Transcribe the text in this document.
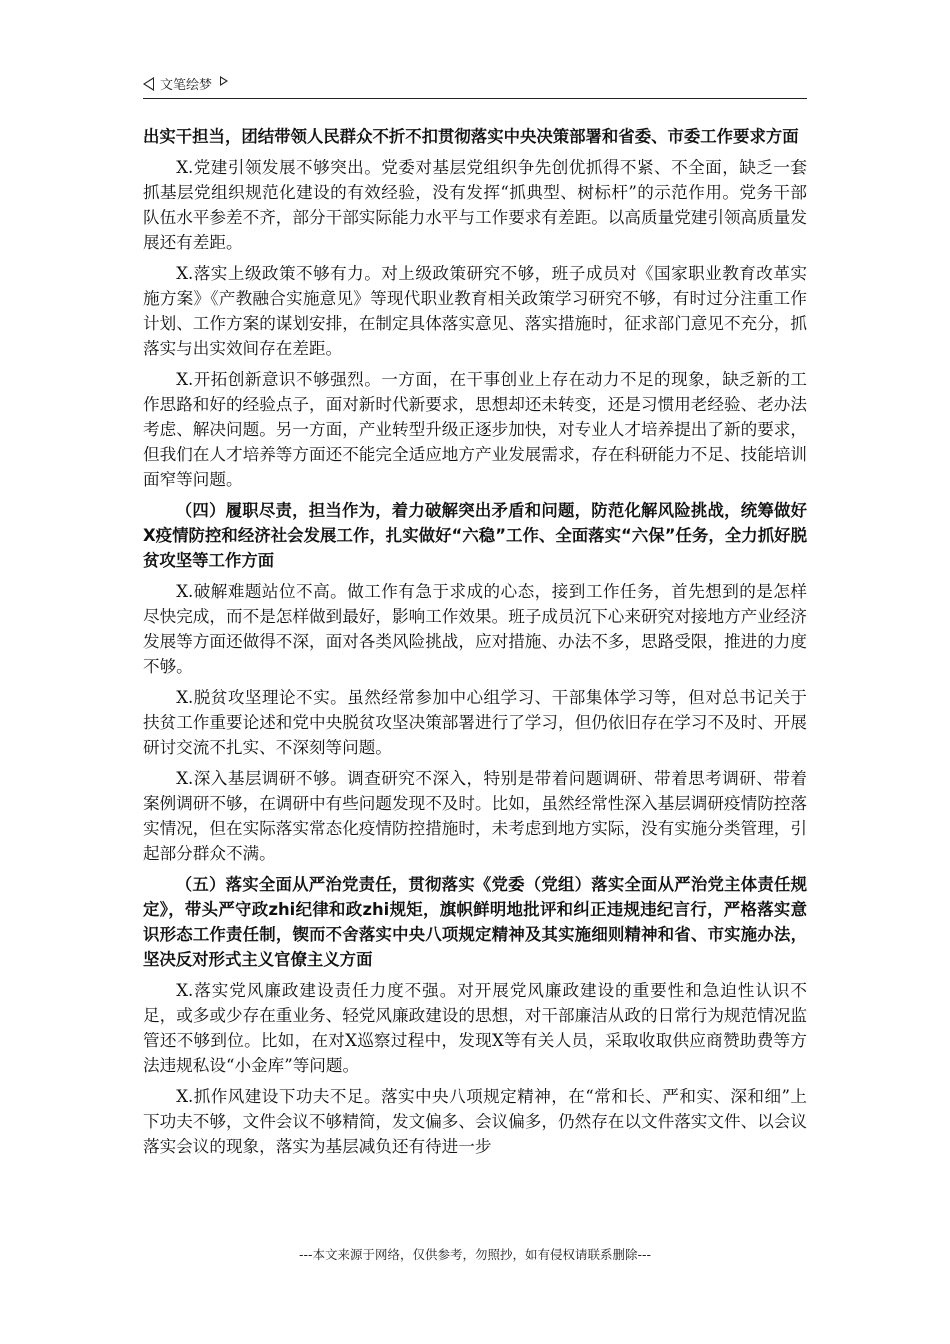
文笔绘梦

出实干担当，团结带领人民群众不折不扣贯彻落实中央决策部署和省委、市委工作要求方面

X.党建引领发展不够突出。党委对基层党组织争先创优抓得不紧、不全面，缺乏一套抓基层党组织规范化建设的有效经验，没有发挥“抓典型、树标杆”的示范作用。党务干部队伍水平参差不齐，部分干部实际能力水平与工作要求有差距。以高质量党建引领高质量发展还有差距。

X.落实上级政策不够有力。对上级政策研究不够，班子成员对《国家职业教育改革实施方案》《产教融合实施意见》等现代职业教育相关政策学习研究不够，有时过分注重工作计划、工作方案的谋划安排，在制定具体落实意见、落实措施时，征求部门意见不充分，抓落实与出实效间存在差距。

X.开拓创新意识不够强烈。一方面，在干事创业上存在动力不足的现象，缺乏新的工作思路和好的经验点子，面对新时代新要求，思想却还未转变，还是习惯用老经验、老办法考虑、解决问题。另一方面，产业转型升级正逐步加快，对专业人才培养提出了新的要求，但我们在人才培养等方面还不能完全适应地方产业发展需求，存在科研能力不足、技能培训面窄等问题。

（四）履职尽责，担当作为，着力破解突出矛盾和问题，防范化解风险挑战，统筹做好X疫情防控和经济社会发展工作，扎实做好“六稳”工作、全面落实“六保”任务，全力抓好脱贫攻坚等工作方面

X.破解难题站位不高。做工作有急于求成的心态，接到工作任务，首先想到的是怎样尽快完成，而不是怎样做到最好，影响工作效果。班子成员沉下心来研究对接地方产业经济发展等方面还做得不深，面对各类风险挑战，应对措施、办法不多，思路受限，推进的力度不够。

X.脱贫攻坚理论不实。虽然经常参加中心组学习、干部集体学习等，但对总书记关于扶贫工作重要论述和党中央脱贫攻坚决策部署进行了学习，但仍依旧存在学习不及时、开展研讨交流不扎实、不深刻等问题。

X.深入基层调研不够。调查研究不深入，特别是带着问题调研、带着思考调研、带着案例调研不够，在调研中有些问题发现不及时。比如，虽然经常性深入基层调研疫情防控落实情况，但在实际落实常态化疫情防控措施时，未考虑到地方实际，没有实施分类管理，引起部分群众不满。

（五）落实全面从严治党责任，贯彻落实《党委（党组）落实全面从严治党主体责任规定》，带头严守政zhi纪律和政zhi规矩，旗帜鲜明地批评和纠正违规违纪言行，严格落实意识形态工作责任制，锲而不舍落实中央八项规定精神及其实施细则精神和省、市实施办法，坚决反对形式主义官僚主义方面

X.落实党风廉政建设责任力度不强。对开展党风廉政建设的重要性和急迫性认识不足，或多或少存在重业务、轻党风廉政建设的思想，对干部廉洁从政的日常行为规范情况监管还不够到位。比如，在对X巡察过程中，发现X等有关人员，采取收取供应商赞助费等方法违规私设“小金库”等问题。

X.抓作风建设下功夫不足。落实中央八项规定精神，在“常和长、严和实、深和细”上下功夫不够，文件会议不够精简，发文偏多、会议偏多，仍然存在以文件落实文件、以会议落实会议的现象，落实为基层减负还有待进一步

---本文来源于网络，仅供参考，勿照抄，如有侵权请联系删除---
